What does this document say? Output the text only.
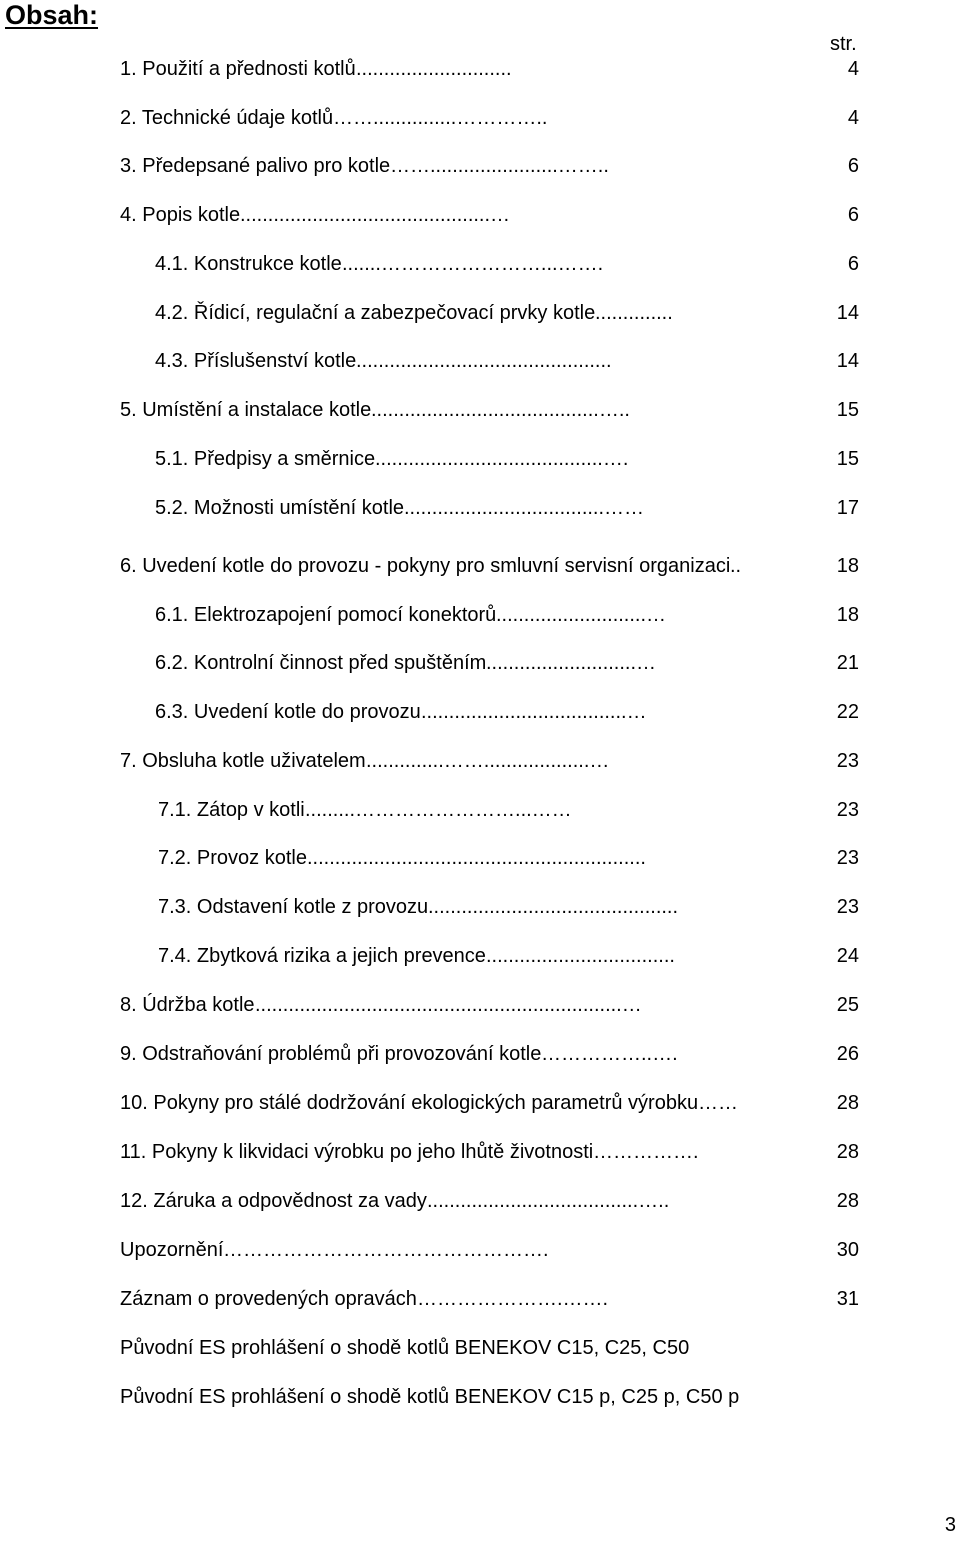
Obsah:
str.
1. Použití a přednosti kotlů ............................	4
2. Technické údaje kotlů ……...............…………..	4
3. Předepsané palivo pro kotle …….......................……..	6
4. Popis kotle .............................................…	6
4.1. Konstrukce kotle .......……………………...…….	6
4.2. Řídicí, regulační a zabezpečovací prvky kotle ..............	14
4.3. Příslušenství kotle ..............................................	14
5. Umístění a instalace kotle .........................................…..	15
5.1. Předpisy a směrnice .........................................….	15
5.2. Možnosti umístění kotle ....................................……	17
6. Uvedení kotle do provozu - pokyny pro smluvní servisní organizaci ..	18
6.1. Elektrozapojení pomocí konektorů ...........................…	18
6.2. Kontrolní činnost před spuštěním ...........................…	21
6.3. Uvedení kotle do provozu .....................................…	22
7. Obsluha kotle uživatelem ..............……...................…	23
7.1. Zátop v kotli .........……………………...……	23
7.2. Provoz kotle .............................................................	23
7.3. Odstavení kotle z provozu .............................................	23
7.4. Zbytková rizika a jejich prevence ..................................	24
8. Údržba kotle ..................................................................…	25
9. Odstraňování problémů při provozování kotle ……………..….	26
10. Pokyny pro stálé dodržování ekologických parametrů výrobku ……	28
11. Pokyny k likvidaci výrobku po jeho lhůtě životnosti …………….	28
12. Záruka a odpovědnost za vady ......................................…..	28
Upozornění ………………………………………….	30
Záznam o provedených opravách ………………….…….	31
Původní ES prohlášení o shodě kotlů BENEKOV C15, C25, C50
Původní ES prohlášení o shodě kotlů BENEKOV C15 p, C25 p, C50 p
3
